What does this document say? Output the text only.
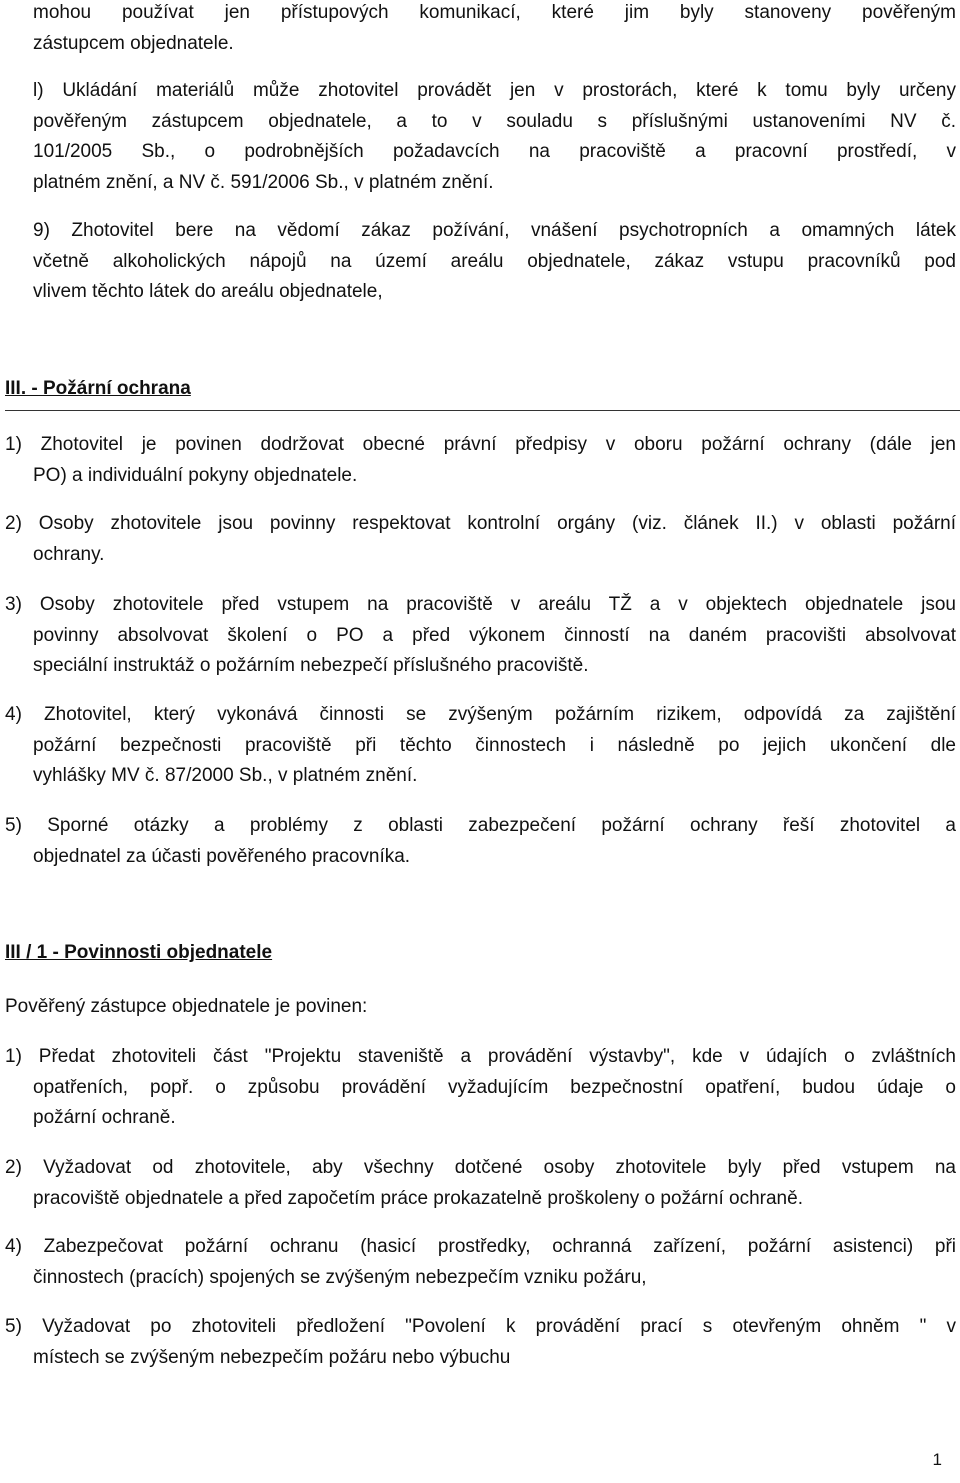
mohou používat jen přístupových komunikací, které jim byly stanoveny pověřeným
zástupcem objednatele.
l) Ukládání materiálů může zhotovitel provádět jen v prostorách, které k tomu byly určeny
pověřeným zástupcem objednatele, a to v souladu s příslušnými ustanoveními NV č.
101/2005 Sb., o podrobnějších požadavcích na pracoviště a pracovní prostředí, v
platném znění, a NV č. 591/2006 Sb., v platném znění.
9) Zhotovitel bere na vědomí zákaz požívání, vnášení psychotropních a omamných látek
včetně alkoholických nápojů na území areálu objednatele, zákaz vstupu pracovníků pod
vlivem těchto látek do areálu objednatele,
III. - Požární ochrana
1) Zhotovitel je povinen dodržovat obecné právní předpisy v oboru požární ochrany (dále jen
PO) a individuální pokyny objednatele.
2) Osoby zhotovitele jsou povinny respektovat kontrolní orgány (viz. článek II.) v oblasti požární
ochrany.
3) Osoby zhotovitele před vstupem na pracoviště v areálu TŽ a v objektech objednatele jsou
povinny absolvovat školení o PO a před výkonem činností na daném pracovišti absolvovat
speciální instruktáž o požárním nebezpečí příslušného pracoviště.
4) Zhotovitel, který vykonává činnosti se zvýšeným požárním rizikem, odpovídá za zajištění
požární bezpečnosti pracoviště při těchto činnostech i následně po jejich ukončení dle
vyhlášky MV č. 87/2000 Sb., v platném znění.
5) Sporné otázky a problémy z oblasti zabezpečení požární ochrany řeší zhotovitel a
objednatel za účasti pověřeného pracovníka.
III / 1 - Povinnosti objednatele
Pověřený zástupce objednatele je povinen:
1) Předat zhotoviteli část "Projektu staveniště a provádění výstavby", kde v údajích o zvláštních
opatřeních, popř. o způsobu provádění vyžadujícím bezpečnostní opatření, budou údaje o
požární ochraně.
2) Vyžadovat od zhotovitele, aby všechny dotčené osoby zhotovitele byly před vstupem na
pracoviště objednatele a před započetím práce prokazatelně proškoleny o požární ochraně.
4) Zabezpečovat požární ochranu (hasicí prostředky, ochranná zařízení, požární asistenci) při
činnostech (pracích) spojených se zvýšeným nebezpečím vzniku požáru,
5) Vyžadovat po zhotoviteli předložení "Povolení k provádění prací s otevřeným ohněm " v
místech se zvýšeným nebezpečím požáru nebo výbuchu
1
